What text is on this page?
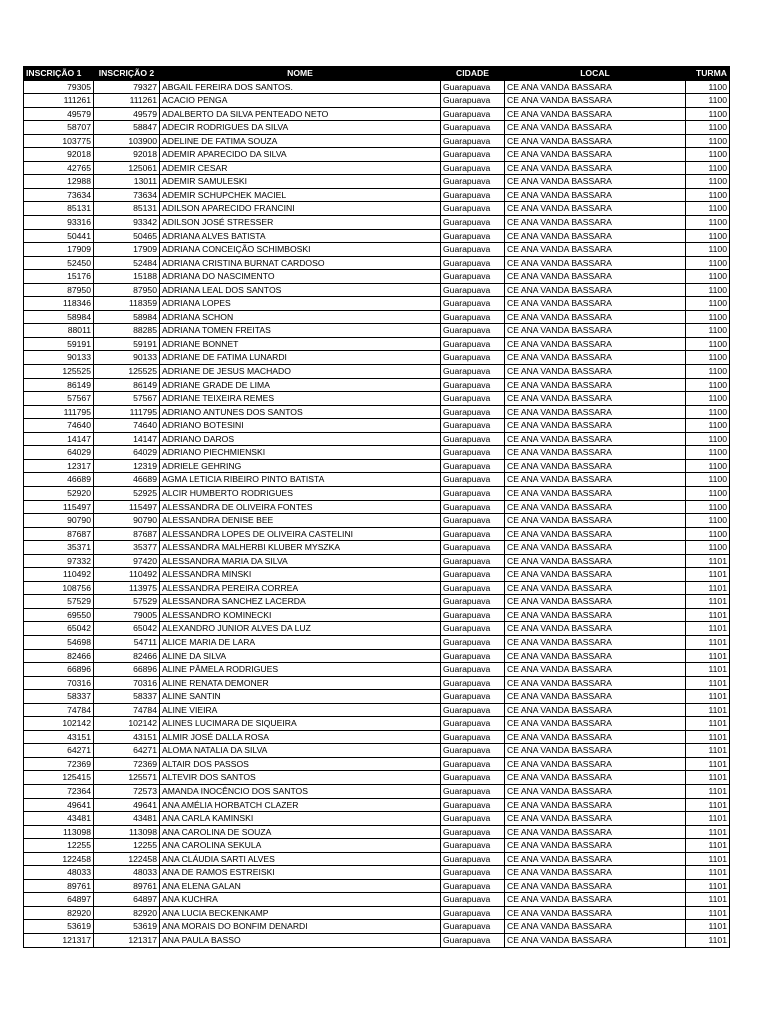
INSCRIÇÃO 1	INSCRIÇÃO 2	NOME	CIDADE	LOCAL	TURMA
79305	79327	ABGAIL FEREIRA DOS SANTOS.	Guarapuava	CE ANA VANDA BASSARA	1100
111261	111261	ACACIO PENGA	Guarapuava	CE ANA VANDA BASSARA	1100
49579	49579	ADALBERTO DA SILVA PENTEADO NETO	Guarapuava	CE ANA VANDA BASSARA	1100
58707	58847	ADECIR RODRIGUES DA SILVA	Guarapuava	CE ANA VANDA BASSARA	1100
103775	103900	ADELINE DE FATIMA SOUZA	Guarapuava	CE ANA VANDA BASSARA	1100
92018	92018	ADEMIR APARECIDO DA SILVA	Guarapuava	CE ANA VANDA BASSARA	1100
42765	125061	ADEMIR CESAR	Guarapuava	CE ANA VANDA BASSARA	1100
12988	13011	ADEMIR SAMULESKI	Guarapuava	CE ANA VANDA BASSARA	1100
73634	73634	ADEMIR SCHUPCHEK MACIEL	Guarapuava	CE ANA VANDA BASSARA	1100
85131	85131	ADILSON APARECIDO FRANCINI	Guarapuava	CE ANA VANDA BASSARA	1100
93316	93342	ADILSON JOSÉ STRESSER	Guarapuava	CE ANA VANDA BASSARA	1100
50441	50465	ADRIANA ALVES BATISTA	Guarapuava	CE ANA VANDA BASSARA	1100
17909	17909	ADRIANA CONCEIÇÃO SCHIMBOSKI	Guarapuava	CE ANA VANDA BASSARA	1100
52450	52484	ADRIANA CRISTINA BURNAT CARDOSO	Guarapuava	CE ANA VANDA BASSARA	1100
15176	15188	ADRIANA DO NASCIMENTO	Guarapuava	CE ANA VANDA BASSARA	1100
87950	87950	ADRIANA LEAL DOS SANTOS	Guarapuava	CE ANA VANDA BASSARA	1100
118346	118359	ADRIANA LOPES	Guarapuava	CE ANA VANDA BASSARA	1100
58984	58984	ADRIANA SCHON	Guarapuava	CE ANA VANDA BASSARA	1100
88011	88285	ADRIANA TOMEN FREITAS	Guarapuava	CE ANA VANDA BASSARA	1100
59191	59191	ADRIANE BONNET	Guarapuava	CE ANA VANDA BASSARA	1100
90133	90133	ADRIANE DE FATIMA LUNARDI	Guarapuava	CE ANA VANDA BASSARA	1100
125525	125525	ADRIANE DE JESUS MACHADO	Guarapuava	CE ANA VANDA BASSARA	1100
86149	86149	ADRIANE GRADE DE LIMA	Guarapuava	CE ANA VANDA BASSARA	1100
57567	57567	ADRIANE TEIXEIRA REMES	Guarapuava	CE ANA VANDA BASSARA	1100
111795	111795	ADRIANO ANTUNES DOS SANTOS	Guarapuava	CE ANA VANDA BASSARA	1100
74640	74640	ADRIANO BOTESINI	Guarapuava	CE ANA VANDA BASSARA	1100
14147	14147	ADRIANO DAROS	Guarapuava	CE ANA VANDA BASSARA	1100
64029	64029	ADRIANO PIECHMIENSKI	Guarapuava	CE ANA VANDA BASSARA	1100
12317	12319	ADRIELE GEHRING	Guarapuava	CE ANA VANDA BASSARA	1100
46689	46689	AGMA LETICIA RIBEIRO PINTO BATISTA	Guarapuava	CE ANA VANDA BASSARA	1100
52920	52925	ALCIR HUMBERTO RODRIGUES	Guarapuava	CE ANA VANDA BASSARA	1100
115497	115497	ALESSANDRA DE OLIVEIRA FONTES	Guarapuava	CE ANA VANDA BASSARA	1100
90790	90790	ALESSANDRA DENISE BEE	Guarapuava	CE ANA VANDA BASSARA	1100
87687	87687	ALESSANDRA LOPES DE OLIVEIRA CASTELINI	Guarapuava	CE ANA VANDA BASSARA	1100
35371	35377	ALESSANDRA MALHERBI KLUBER MYSZKA	Guarapuava	CE ANA VANDA BASSARA	1100
97332	97420	ALESSANDRA MARIA DA SILVA	Guarapuava	CE ANA VANDA BASSARA	1101
110492	110492	ALESSANDRA MINSKI	Guarapuava	CE ANA VANDA BASSARA	1101
108756	113975	ALESSANDRA PEREIRA CORREA	Guarapuava	CE ANA VANDA BASSARA	1101
57529	57529	ALESSANDRA SANCHEZ LACERDA	Guarapuava	CE ANA VANDA BASSARA	1101
69550	79005	ALESSANDRO KOMINECKI	Guarapuava	CE ANA VANDA BASSARA	1101
65042	65042	ALEXANDRO JUNIOR ALVES DA LUZ	Guarapuava	CE ANA VANDA BASSARA	1101
54698	54711	ALICE MARIA DE LARA	Guarapuava	CE ANA VANDA BASSARA	1101
82466	82466	ALINE DA SILVA	Guarapuava	CE ANA VANDA BASSARA	1101
66896	66896	ALINE PÂMELA RODRIGUES	Guarapuava	CE ANA VANDA BASSARA	1101
70316	70316	ALINE RENATA DEMONER	Guarapuava	CE ANA VANDA BASSARA	1101
58337	58337	ALINE SANTIN	Guarapuava	CE ANA VANDA BASSARA	1101
74784	74784	ALINE VIEIRA	Guarapuava	CE ANA VANDA BASSARA	1101
102142	102142	ALINES LUCIMARA DE SIQUEIRA	Guarapuava	CE ANA VANDA BASSARA	1101
43151	43151	ALMIR JOSÉ DALLA ROSA	Guarapuava	CE ANA VANDA BASSARA	1101
64271	64271	ALOMA NATALIA DA SILVA	Guarapuava	CE ANA VANDA BASSARA	1101
72369	72369	ALTAIR DOS PASSOS	Guarapuava	CE ANA VANDA BASSARA	1101
125415	125571	ALTEVIR DOS SANTOS	Guarapuava	CE ANA VANDA BASSARA	1101
72364	72573	AMANDA INOCÊNCIO DOS SANTOS	Guarapuava	CE ANA VANDA BASSARA	1101
49641	49641	ANA AMÉLIA HORBATCH CLAZER	Guarapuava	CE ANA VANDA BASSARA	1101
43481	43481	ANA CARLA KAMINSKI	Guarapuava	CE ANA VANDA BASSARA	1101
113098	113098	ANA CAROLINA DE SOUZA	Guarapuava	CE ANA VANDA BASSARA	1101
12255	12255	ANA CAROLINA SEKULA	Guarapuava	CE ANA VANDA BASSARA	1101
122458	122458	ANA CLÁUDIA SARTI ALVES	Guarapuava	CE ANA VANDA BASSARA	1101
48033	48033	ANA DE RAMOS ESTREISKI	Guarapuava	CE ANA VANDA BASSARA	1101
89761	89761	ANA ELENA GALAN	Guarapuava	CE ANA VANDA BASSARA	1101
64897	64897	ANA KUCHRA	Guarapuava	CE ANA VANDA BASSARA	1101
82920	82920	ANA LUCIA BECKENKAMP	Guarapuava	CE ANA VANDA BASSARA	1101
53619	53619	ANA MORAIS DO BONFIM DENARDI	Guarapuava	CE ANA VANDA BASSARA	1101
121317	121317	ANA PAULA BASSO	Guarapuava	CE ANA VANDA BASSARA	1101
